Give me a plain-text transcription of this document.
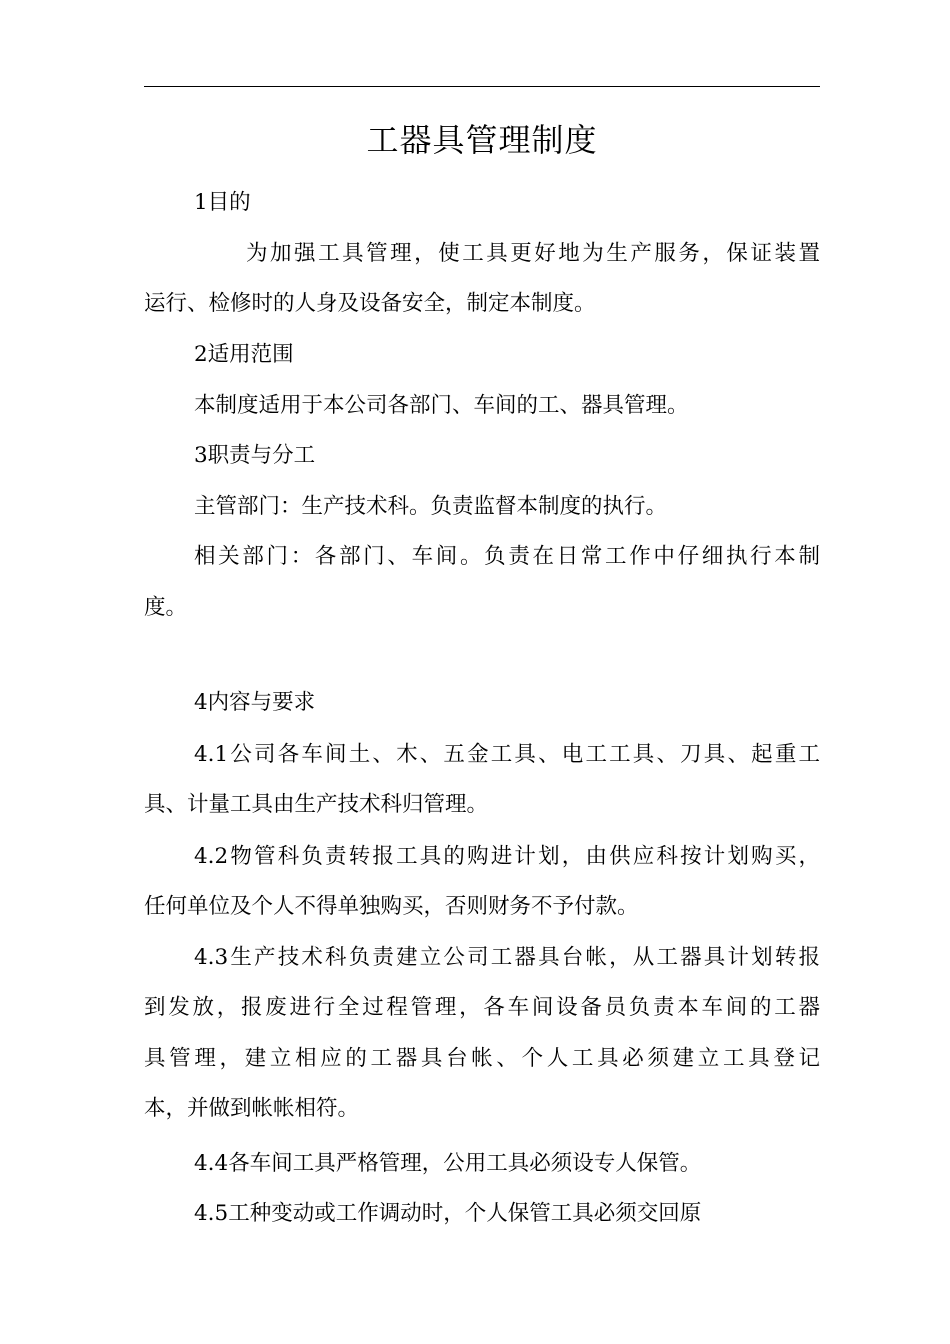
工器具管理制度
1目的
为加强工具管理，使工具更好地为生产服务，保证装置
运行、检修时的人身及设备安全，制定本制度。
2适用范围
本制度适用于本公司各部门、车间的工、器具管理。
3职责与分工
主管部门：生产技术科。负责监督本制度的执行。
相关部门：各部门、车间。负责在日常工作中仔细执行本制
度。
4内容与要求
4.1公司各车间土、木、五金工具、电工工具、刀具、起重工
具、计量工具由生产技术科归管理。
4.2物管科负责转报工具的购进计划，由供应科按计划购买，
任何单位及个人不得单独购买，否则财务不予付款。
4.3生产技术科负责建立公司工器具台帐，从工器具计划转报
到发放，报废进行全过程管理，各车间设备员负责本车间的工器
具管理，建立相应的工器具台帐、个人工具必须建立工具登记
本，并做到帐帐相符。
4.4各车间工具严格管理，公用工具必须设专人保管。
4.5工种变动或工作调动时，个人保管工具必须交回原
